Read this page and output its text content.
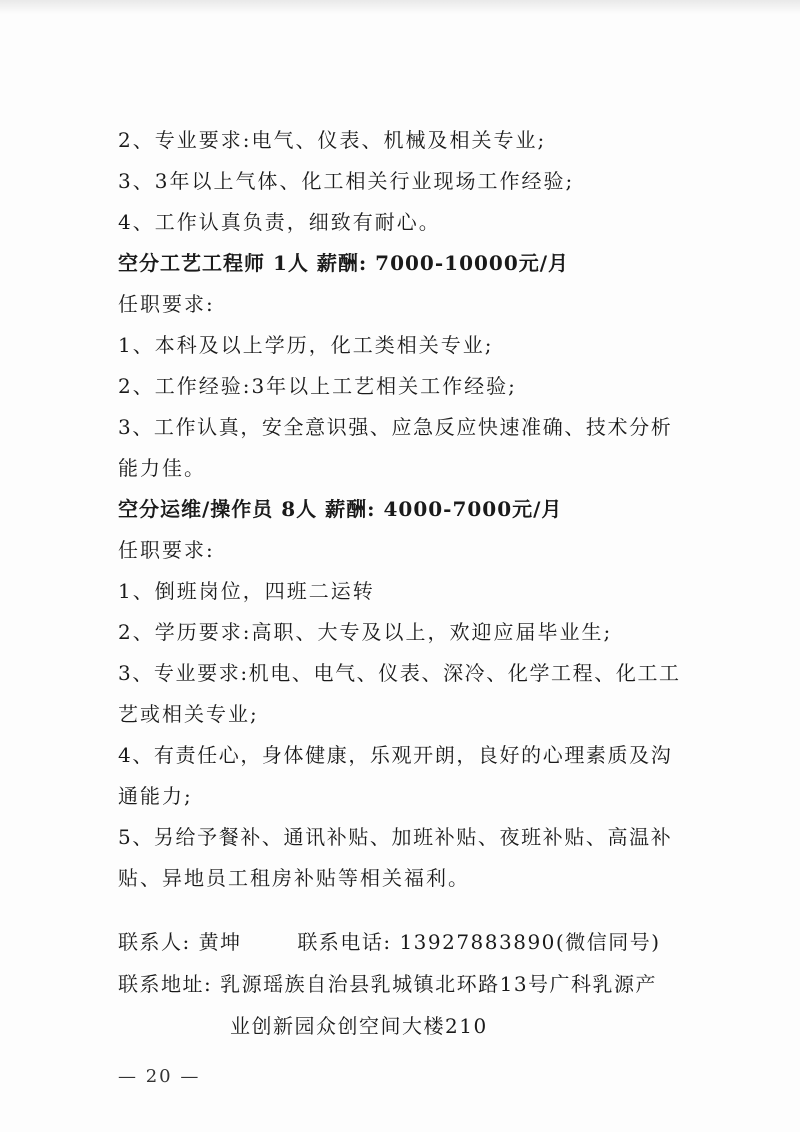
2、专业要求:电气、仪表、机械及相关专业;
3、3年以上气体、化工相关行业现场工作经验;
4、工作认真负责，细致有耐心。
空分工艺工程师 1人 薪酬: 7000-10000元/月
任职要求:
1、本科及以上学历，化工类相关专业;
2、工作经验:3年以上工艺相关工作经验;
3、工作认真，安全意识强、应急反应快速准确、技术分析
能力佳。
空分运维/操作员 8人 薪酬: 4000-7000元/月
任职要求:
1、倒班岗位，四班二运转
2、学历要求:高职、大专及以上，欢迎应届毕业生;
3、专业要求:机电、电气、仪表、深冷、化学工程、化工工
艺或相关专业;
4、有责任心，身体健康，乐观开朗，良好的心理素质及沟
通能力;
5、另给予餐补、通讯补贴、加班补贴、夜班补贴、高温补
贴、异地员工租房补贴等相关福利。
联系人: 黄坤	联系电话: 13927883890(微信同号)
联系地址: 乳源瑶族自治县乳城镇北环路13号广科乳源产
业创新园众创空间大楼210
— 20 —
